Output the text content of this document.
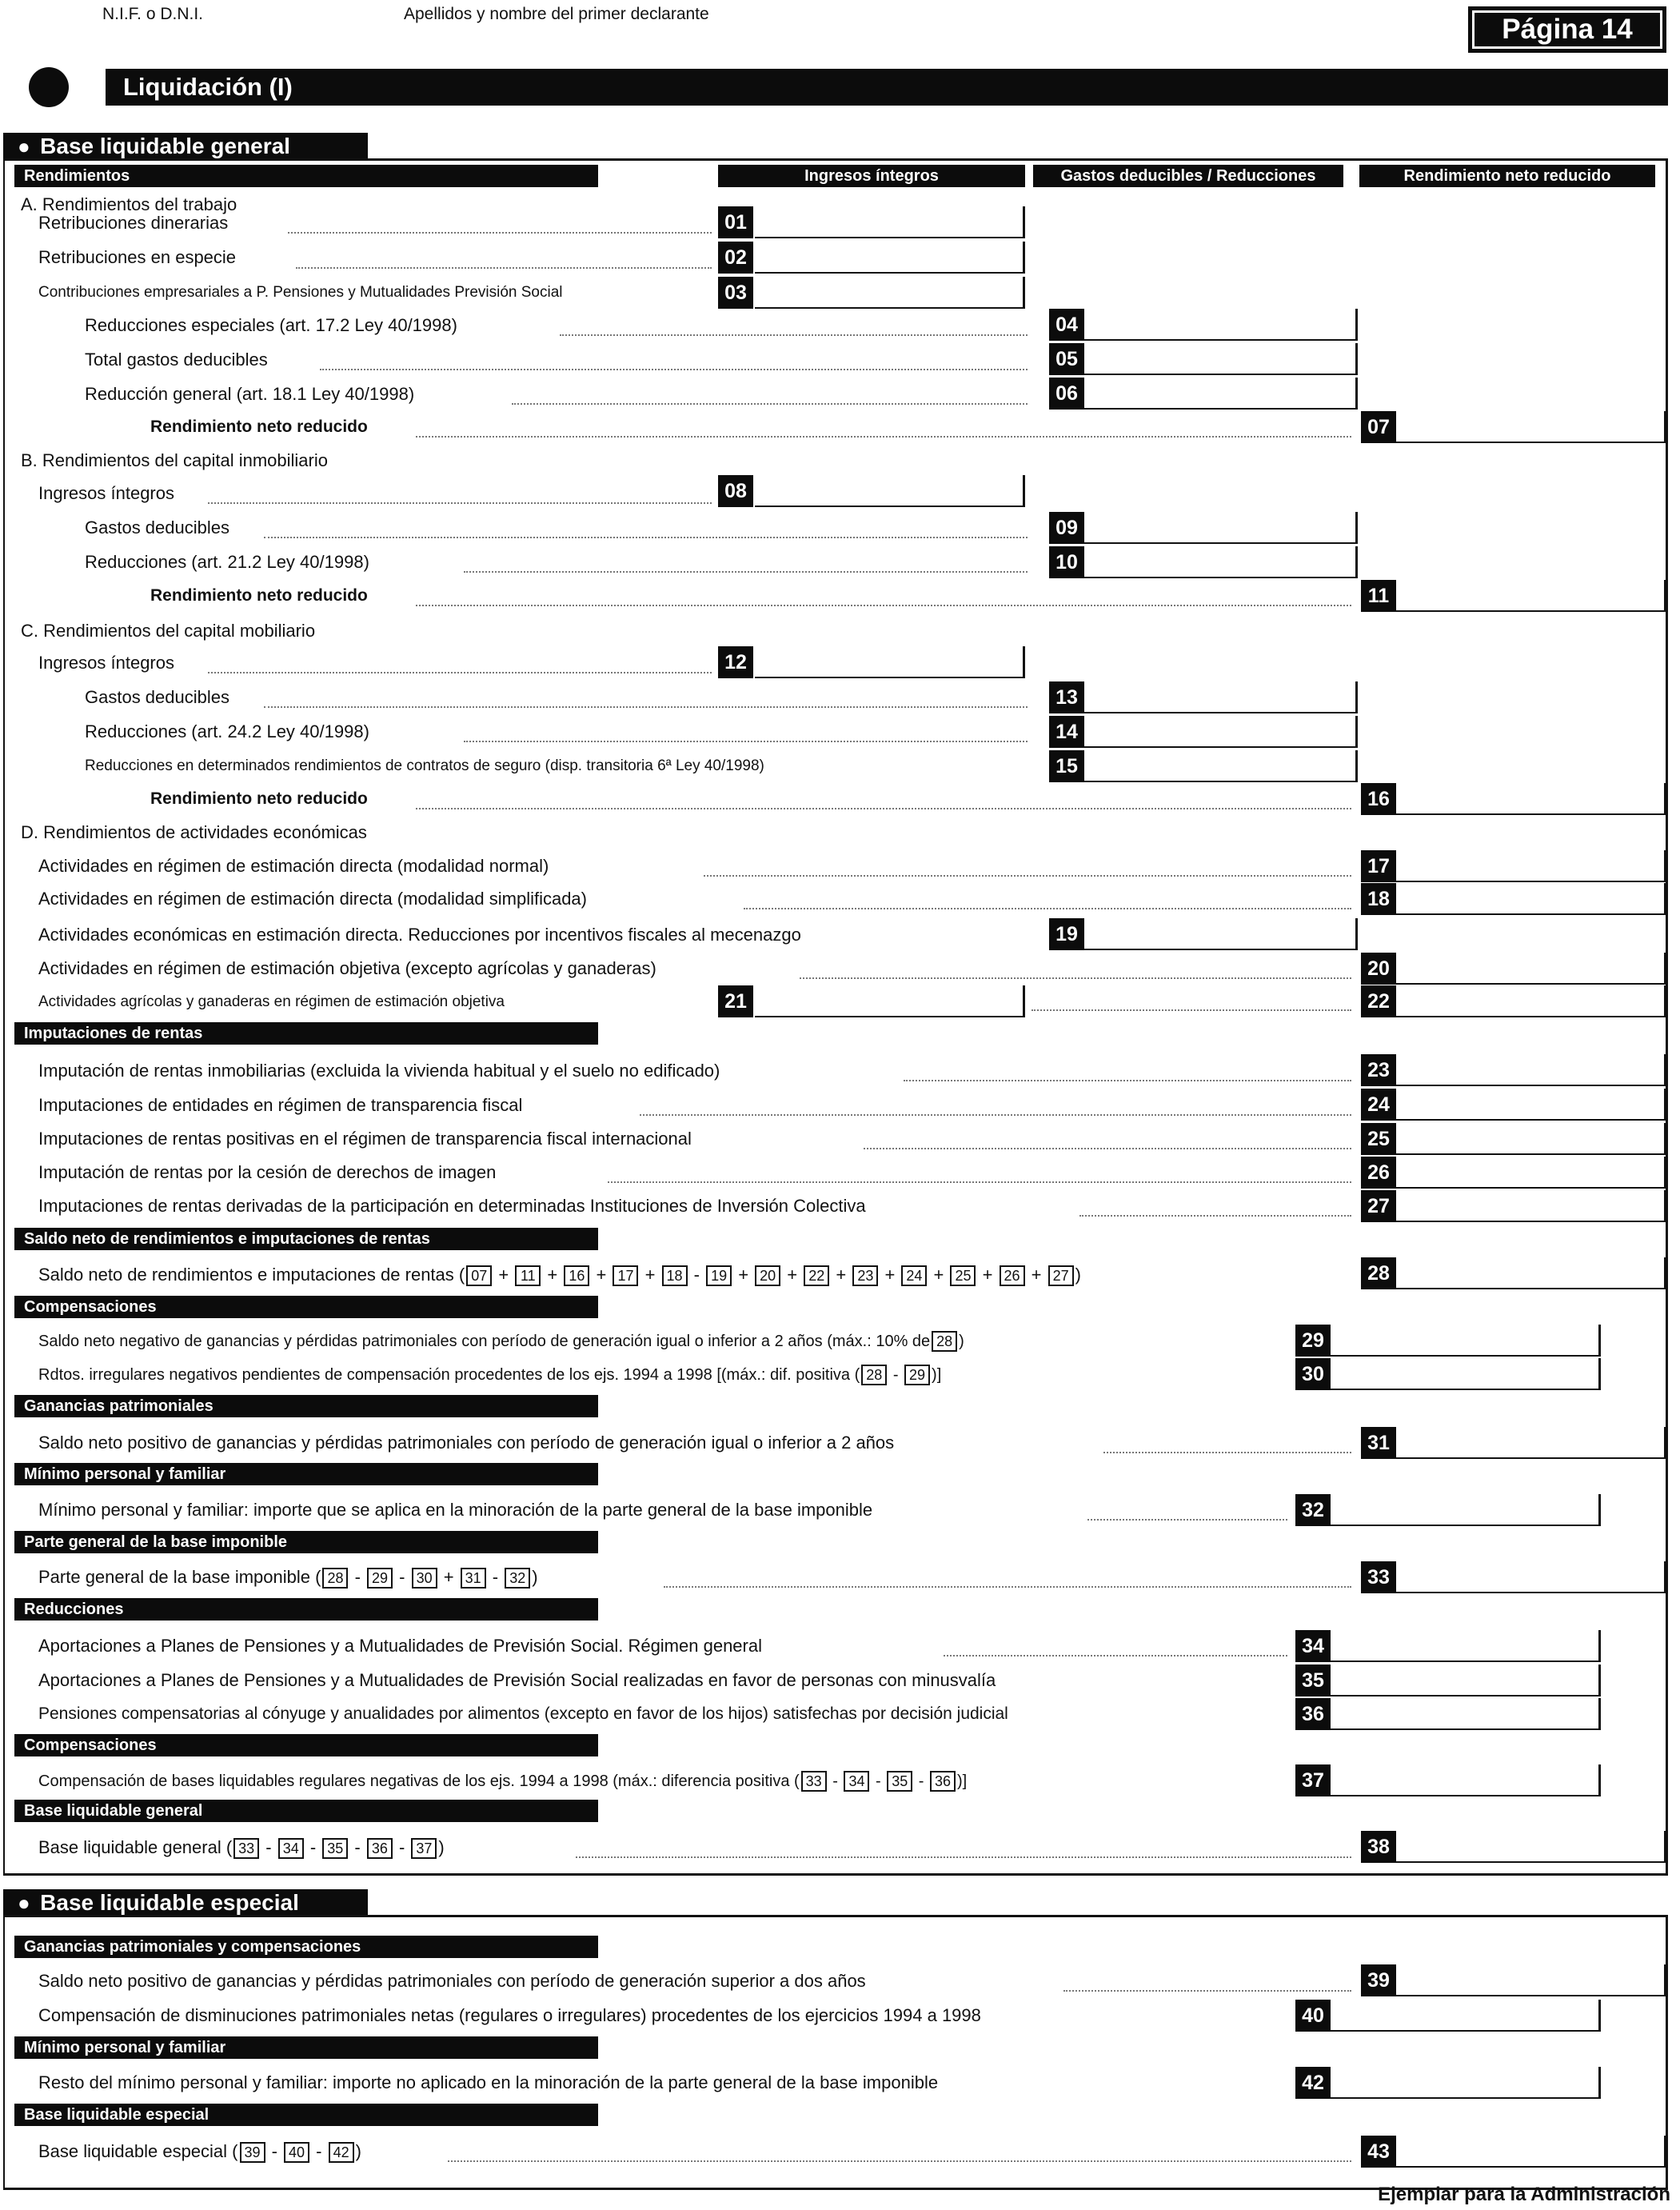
N.I.F. o D.N.I.	Apellidos y nombre del primer declarante	Página 14
Liquidación (I)
● Base liquidable general
Rendimientos	Ingresos íntegros	Gastos deducibles / Reducciones	Rendimiento neto reducido
A. Rendimientos del trabajo
Retribuciones dinerarias	01
Retribuciones en especie	02
Contribuciones empresariales a P. Pensiones y Mutualidades Previsión Social	03
Reducciones especiales (art. 17.2 Ley 40/1998)	04
Total gastos deducibles	05
Reducción general (art. 18.1 Ley 40/1998)	06
Rendimiento neto reducido	07
B. Rendimientos del capital inmobiliario
Ingresos íntegros	08
Gastos deducibles	09
Reducciones (art. 21.2 Ley 40/1998)	10
Rendimiento neto reducido	11
C. Rendimientos del capital mobiliario
Ingresos íntegros	12
Gastos deducibles	13
Reducciones (art. 24.2 Ley 40/1998)	14
Reducciones en determinados rendimientos de contratos de seguro (disp. transitoria 6ª Ley 40/1998)	15
Rendimiento neto reducido	16
D. Rendimientos de actividades económicas
Actividades en régimen de estimación directa (modalidad normal)	17
Actividades en régimen de estimación directa (modalidad simplificada)	18
Actividades económicas en estimación directa. Reducciones por incentivos fiscales al mecenazgo	19
Actividades en régimen de estimación objetiva (excepto agrícolas y ganaderas)	20
Actividades agrícolas y ganaderas en régimen de estimación objetiva	21	22
Imputaciones de rentas
Imputación de rentas inmobiliarias (excluida la vivienda habitual y el suelo no edificado)	23
Imputaciones de entidades en régimen de transparencia fiscal	24
Imputaciones de rentas positivas en el régimen de transparencia fiscal internacional	25
Imputación de rentas por la cesión de derechos de imagen	26
Imputaciones de rentas derivadas de la participación en determinadas Instituciones de Inversión Colectiva	27
Saldo neto de rendimientos e imputaciones de rentas
Saldo neto de rendimientos e imputaciones de rentas ( 07 + 11 + 16 + 17 + 18 - 19 + 20 + 22 + 23 + 24 + 25 + 26 + 27 )	28
Compensaciones
Saldo neto negativo de ganancias y pérdidas patrimoniales con período de generación igual o inferior a 2 años (máx.: 10% de 28 )	29
Rdtos. irregulares negativos pendientes de compensación procedentes de los ejs. 1994 a 1998 [(máx.: dif. positiva ( 28 - 29 )]	30
Ganancias patrimoniales
Saldo neto positivo de ganancias y pérdidas patrimoniales con período de generación igual o inferior a 2 años	31
Mínimo personal y familiar
Mínimo personal y familiar: importe que se aplica en la minoración de la parte general de la base imponible	32
Parte general de la base imponible
Parte general de la base imponible ( 28 - 29 - 30 + 31 - 32 )	33
Reducciones
Aportaciones a Planes de Pensiones y a Mutualidades de Previsión Social. Régimen general	34
Aportaciones a Planes de Pensiones y a Mutualidades de Previsión Social realizadas en favor de personas con minusvalía	35
Pensiones compensatorias al cónyuge y anualidades por alimentos (excepto en favor de los hijos) satisfechas por decisión judicial	36
Compensaciones
Compensación de bases liquidables regulares negativas de los ejs. 1994 a 1998 (máx.: diferencia positiva ( 33 - 34 - 35 - 36 )]	37
Base liquidable general
Base liquidable general ( 33 - 34 - 35 - 36 - 37 )	38
● Base liquidable especial
Ganancias patrimoniales y compensaciones
Saldo neto positivo de ganancias y pérdidas patrimoniales con período de generación superior a dos años	39
Compensación de disminuciones patrimoniales netas (regulares o irregulares) procedentes de los ejercicios 1994 a 1998	40
Mínimo personal y familiar
Resto del mínimo personal y familiar: importe no aplicado en la minoración de la parte general de la base imponible	42
Base liquidable especial
Base liquidable especial ( 39 - 40 - 42 )	43
Ejemplar para la Administración
